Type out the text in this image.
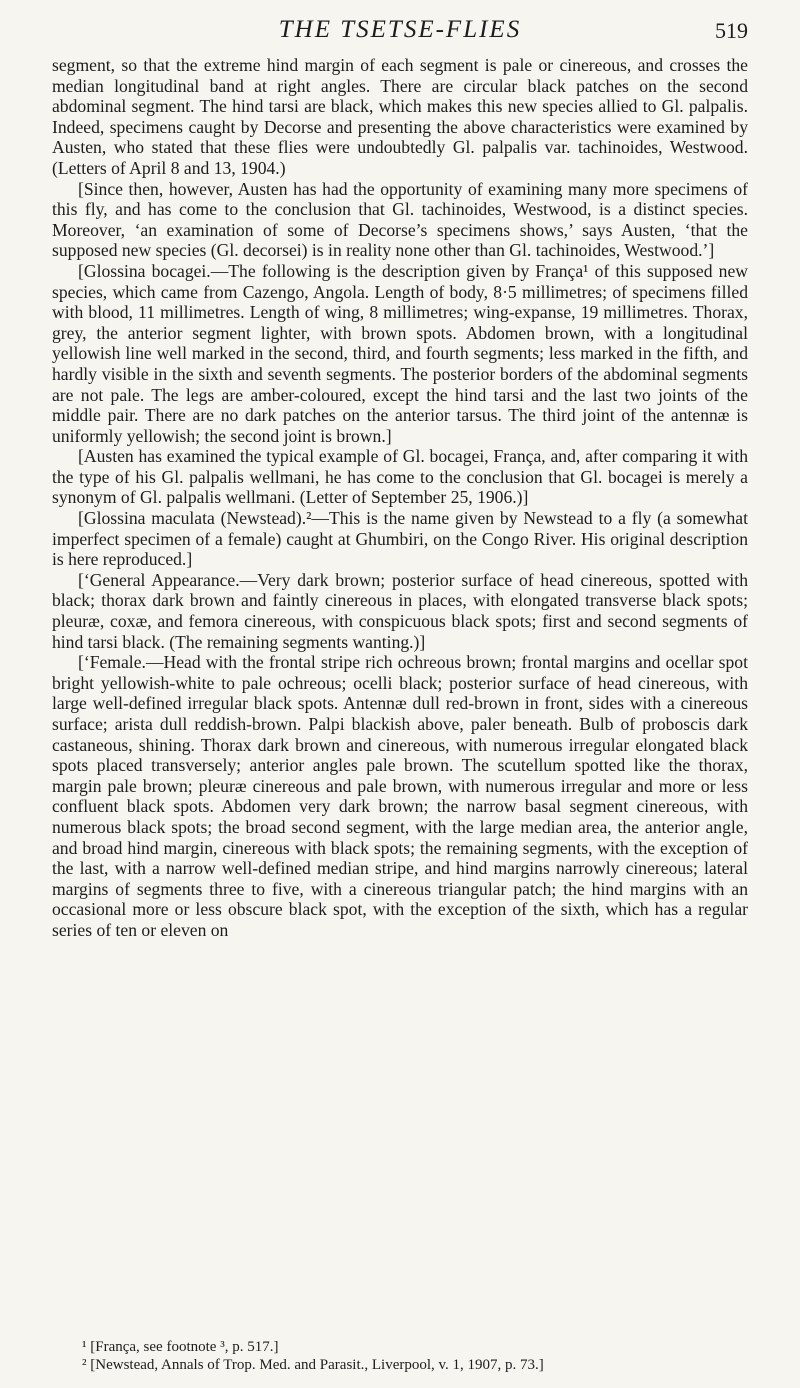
THE TSETSE-FLIES	519

segment, so that the extreme hind margin of each segment is pale or cinereous, and crosses the median longitudinal band at right angles. There are circular black patches on the second abdominal segment. The hind tarsi are black, which makes this new species allied to Gl. palpalis. Indeed, specimens caught by Decorse and presenting the above characteristics were examined by Austen, who stated that these flies were undoubtedly Gl. palpalis var. tachinoides, Westwood. (Letters of April 8 and 13, 1904.)

[Since then, however, Austen has had the opportunity of examining many more specimens of this fly, and has come to the conclusion that Gl. tachinoides, Westwood, is a distinct species. Moreover, ‘an examination of some of Decorse’s specimens shows,’ says Austen, ‘that the supposed new species (Gl. decorsei) is in reality none other than Gl. tachinoides, Westwood.’]

[Glossina bocagei.—The following is the description given by França¹ of this supposed new species, which came from Cazengo, Angola. Length of body, 8·5 millimetres; of specimens filled with blood, 11 millimetres. Length of wing, 8 millimetres; wing-expanse, 19 millimetres. Thorax, grey, the anterior segment lighter, with brown spots. Abdomen brown, with a longitudinal yellowish line well marked in the second, third, and fourth segments; less marked in the fifth, and hardly visible in the sixth and seventh segments. The posterior borders of the abdominal segments are not pale. The legs are amber-coloured, except the hind tarsi and the last two joints of the middle pair. There are no dark patches on the anterior tarsus. The third joint of the antennæ is uniformly yellowish; the second joint is brown.]

[Austen has examined the typical example of Gl. bocagei, França, and, after comparing it with the type of his Gl. palpalis wellmani, he has come to the conclusion that Gl. bocagei is merely a synonym of Gl. palpalis wellmani. (Letter of September 25, 1906.)]

[Glossina maculata (Newstead).²—This is the name given by Newstead to a fly (a somewhat imperfect specimen of a female) caught at Ghumbiri, on the Congo River. His original description is here reproduced.]

[‘General Appearance.—Very dark brown; posterior surface of head cinereous, spotted with black; thorax dark brown and faintly cinereous in places, with elongated transverse black spots; pleuræ, coxæ, and femora cinereous, with conspicuous black spots; first and second segments of hind tarsi black. (The remaining segments wanting.)]

[‘Female.—Head with the frontal stripe rich ochreous brown; frontal margins and ocellar spot bright yellowish-white to pale ochreous; ocelli black; posterior surface of head cinereous, with large well-defined irregular black spots. Antennæ dull red-brown in front, sides with a cinereous surface; arista dull reddish-brown. Palpi blackish above, paler beneath. Bulb of proboscis dark castaneous, shining. Thorax dark brown and cinereous, with numerous irregular elongated black spots placed transversely; anterior angles pale brown. The scutellum spotted like the thorax, margin pale brown; pleuræ cinereous and pale brown, with numerous irregular and more or less confluent black spots. Abdomen very dark brown; the narrow basal segment cinereous, with numerous black spots; the broad second segment, with the large median area, the anterior angle, and broad hind margin, cinereous with black spots; the remaining segments, with the exception of the last, with a narrow well-defined median stripe, and hind margins narrowly cinereous; lateral margins of segments three to five, with a cinereous triangular patch; the hind margins with an occasional more or less obscure black spot, with the exception of the sixth, which has a regular series of ten or eleven on

¹ [França, see footnote ³, p. 517.]

² [Newstead, Annals of Trop. Med. and Parasit., Liverpool, v. 1, 1907, p. 73.]
